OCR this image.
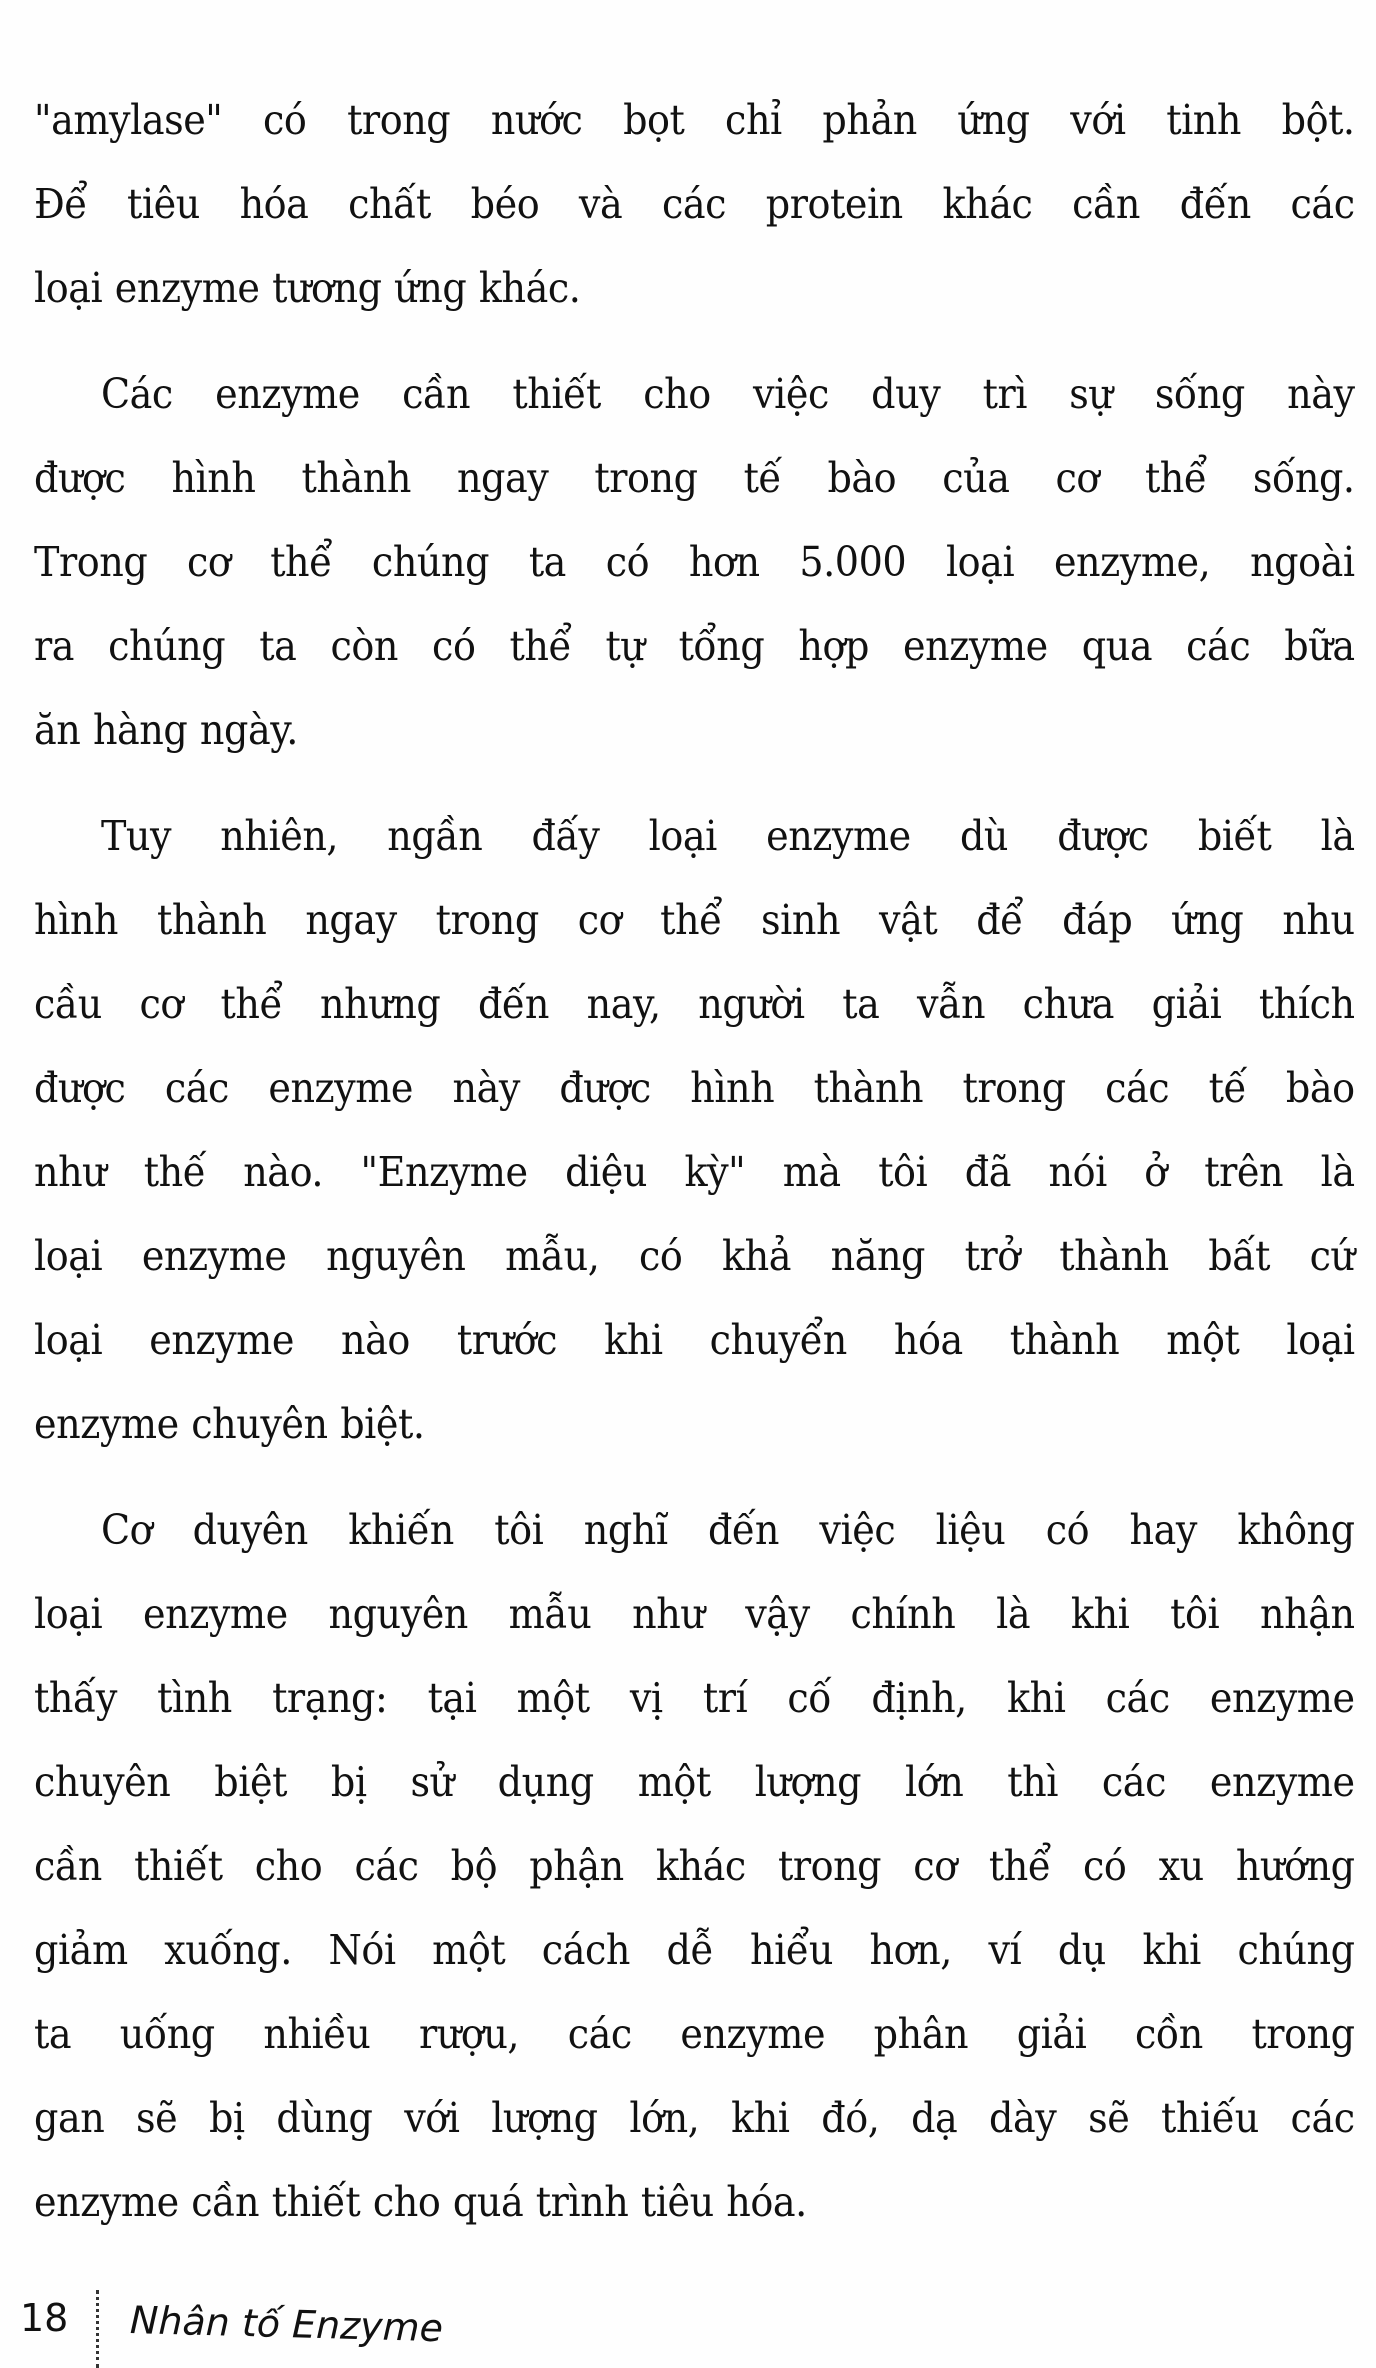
"amylase" có trong nước bọt chỉ phản ứng với tinh bột.
Để tiêu hóa chất béo và các protein khác cần đến các
loại enzyme tương ứng khác.
Các enzyme cần thiết cho việc duy trì sự sống này
được hình thành ngay trong tế bào của cơ thể sống.
Trong cơ thể chúng ta có hơn 5.000 loại enzyme, ngoài
ra chúng ta còn có thể tự tổng hợp enzyme qua các bữa
ăn hàng ngày.
Tuy nhiên, ngần đấy loại enzyme dù được biết là
hình thành ngay trong cơ thể sinh vật để đáp ứng nhu
cầu cơ thể nhưng đến nay, người ta vẫn chưa giải thích
được các enzyme này được hình thành trong các tế bào
như thế nào. "Enzyme diệu kỳ" mà tôi đã nói ở trên là
loại enzyme nguyên mẫu, có khả năng trở thành bất cứ
loại enzyme nào trước khi chuyển hóa thành một loại
enzyme chuyên biệt.
Cơ duyên khiến tôi nghĩ đến việc liệu có hay không
loại enzyme nguyên mẫu như vậy chính là khi tôi nhận
thấy tình trạng: tại một vị trí cố định, khi các enzyme
chuyên biệt bị sử dụng một lượng lớn thì các enzyme
cần thiết cho các bộ phận khác trong cơ thể có xu hướng
giảm xuống. Nói một cách dễ hiểu hơn, ví dụ khi chúng
ta uống nhiều rượu, các enzyme phân giải cồn trong
gan sẽ bị dùng với lượng lớn, khi đó, dạ dày sẽ thiếu các
enzyme cần thiết cho quá trình tiêu hóa.
18 Nhân tố Enzyme
